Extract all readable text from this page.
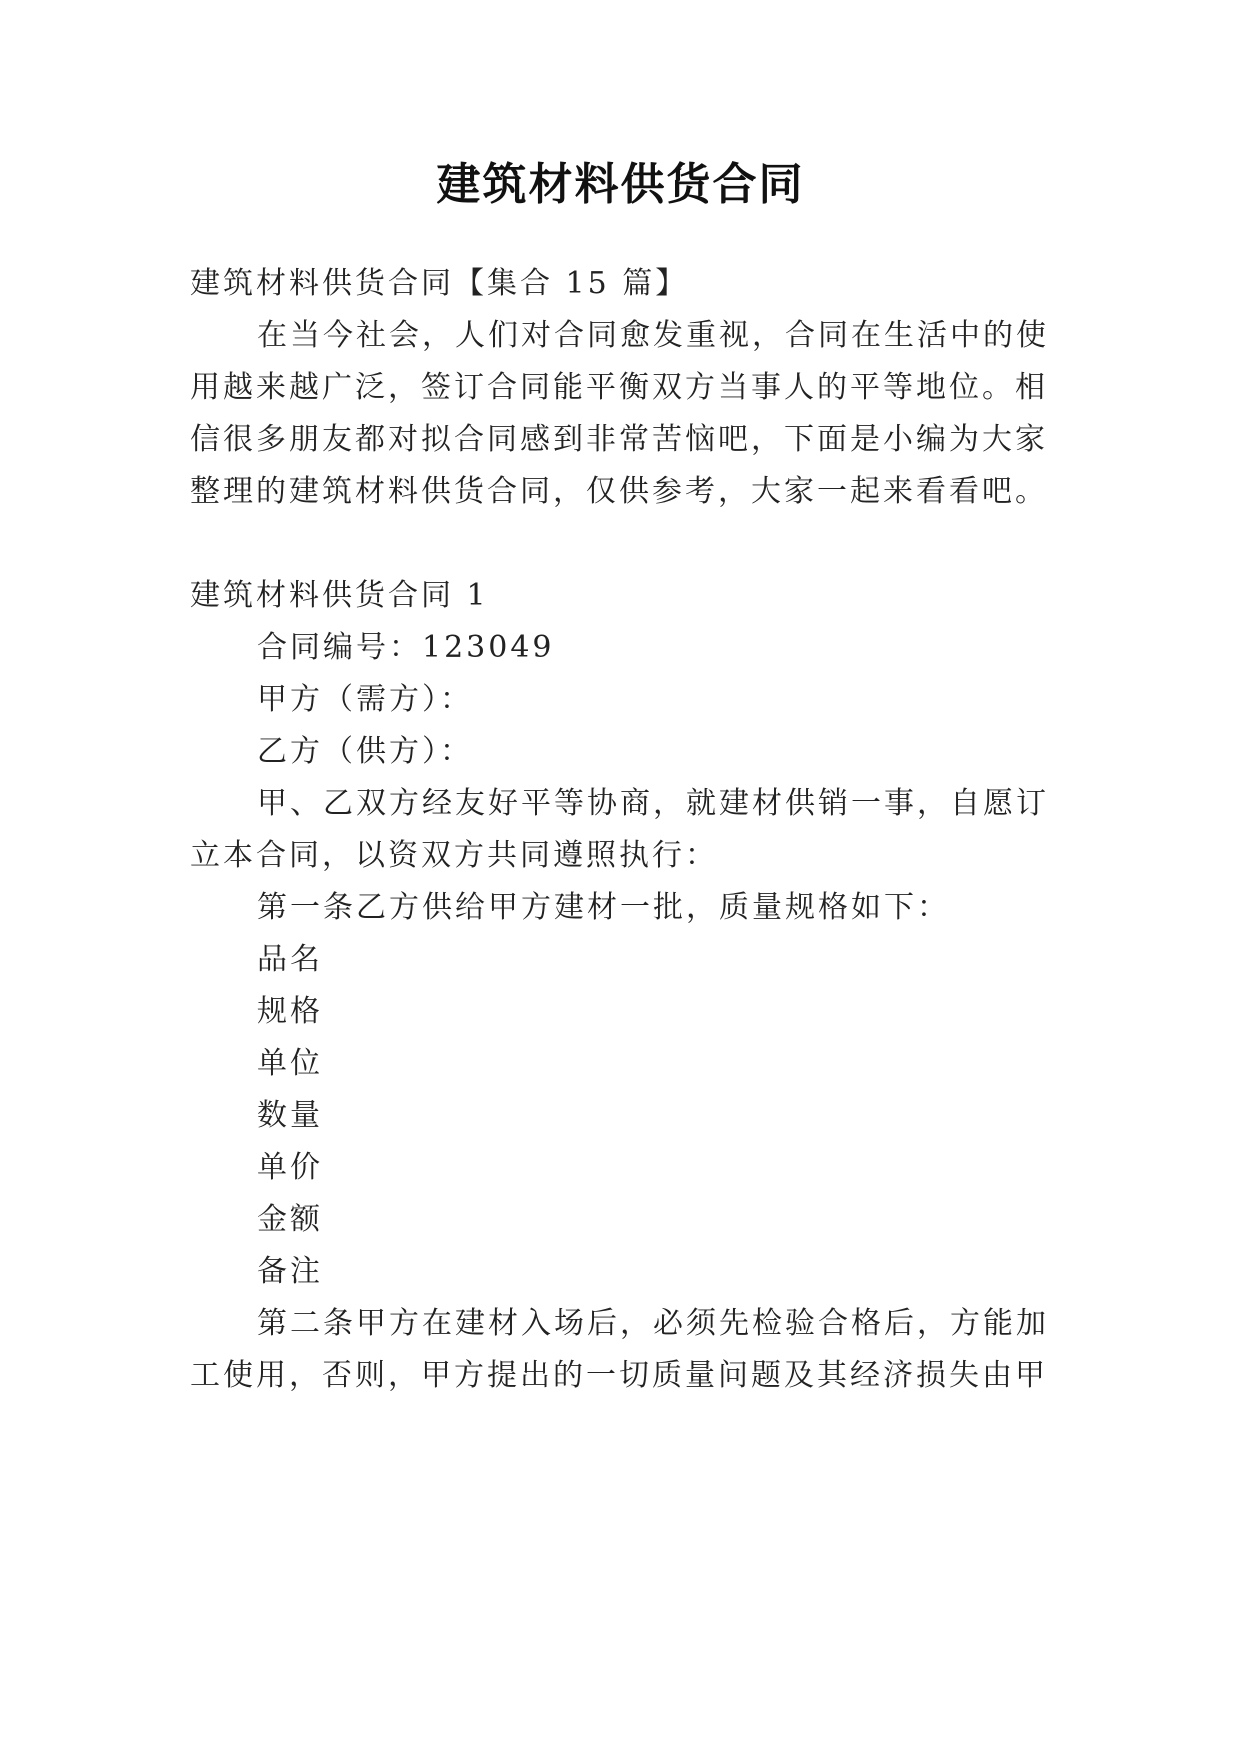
建筑材料供货合同
建筑材料供货合同【集合 15 篇】
在当今社会，人们对合同愈发重视，合同在生活中的使
用越来越广泛，签订合同能平衡双方当事人的平等地位。相
信很多朋友都对拟合同感到非常苦恼吧，下面是小编为大家
整理的建筑材料供货合同，仅供参考，大家一起来看看吧。
建筑材料供货合同 1
合同编号：123049
甲方（需方）：
乙方（供方）：
甲、乙双方经友好平等协商，就建材供销一事，自愿订
立本合同，以资双方共同遵照执行：
第一条乙方供给甲方建材一批，质量规格如下：
品名
规格
单位
数量
单价
金额
备注
第二条甲方在建材入场后，必须先检验合格后，方能加
工使用，否则，甲方提出的一切质量问题及其经济损失由甲
